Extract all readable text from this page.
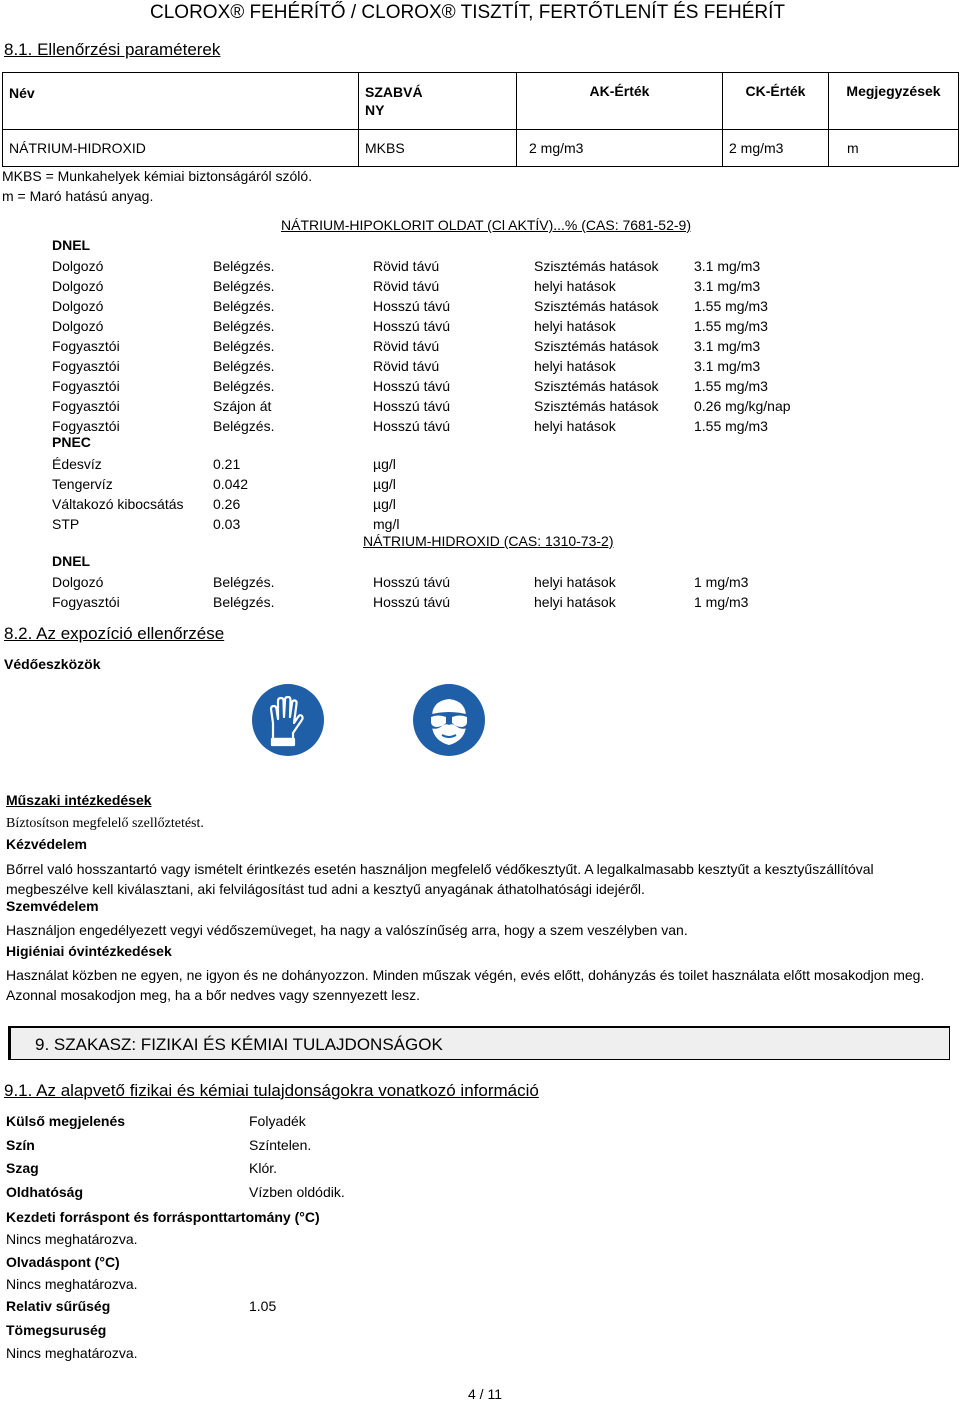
CLOROX® FEHÉRÍTŐ / CLOROX® TISZTÍT, FERTŐTLENÍT ÉS FEHÉRÍT
8.1. Ellenőrzési paraméterek
Név	SZABVÁ
NY	AK-Érték	CK-Érték	Megjegyzések
NÁTRIUM-HIDROXID	MKBS	2 mg/m3	2 mg/m3	m
MKBS = Munkahelyek kémiai biztonságáról szóló.
m = Maró hatású anyag.
NÁTRIUM-HIPOKLORIT OLDAT (Cl AKTÍV)...% (CAS: 7681-52-9)
DNEL
Dolgozó	Belégzés.	Rövid távú	Szisztémás hatások	3.1 mg/m3
Dolgozó	Belégzés.	Rövid távú	helyi hatások	3.1 mg/m3
Dolgozó	Belégzés.	Hosszú távú	Szisztémás hatások	1.55 mg/m3
Dolgozó	Belégzés.	Hosszú távú	helyi hatások	1.55 mg/m3
Fogyasztói	Belégzés.	Rövid távú	Szisztémás hatások	3.1 mg/m3
Fogyasztói	Belégzés.	Rövid távú	helyi hatások	3.1 mg/m3
Fogyasztói	Belégzés.	Hosszú távú	Szisztémás hatások	1.55 mg/m3
Fogyasztói	Szájon át	Hosszú távú	Szisztémás hatások	0.26 mg/kg/nap
Fogyasztói	Belégzés.	Hosszú távú	helyi hatások	1.55 mg/m3
PNEC
Édesvíz	0.21	µg/l
Tengervíz	0.042	µg/l
Váltakozó kibocsátás 0.26	µg/l
STP	0.03	mg/l
NÁTRIUM-HIDROXID (CAS: 1310-73-2)
DNEL
Dolgozó	Belégzés.	Hosszú távú	helyi hatások	1 mg/m3
Fogyasztói	Belégzés.	Hosszú távú	helyi hatások	1 mg/m3
8.2. Az expozíció ellenőrzése
Védőeszközök
Műszaki intézkedések
Bíztosítson megfelelő szellőztetést.
Kézvédelem
Bőrrel való hosszantartó vagy ismételt érintkezés esetén használjon megfelelő védőkesztyűt. A legalkalmasabb kesztyűt a kesztyűszállítóval megbeszélve kell kiválasztani, aki felvilágosítást tud adni a kesztyű anyagának áthatolhatósági idejéről.
Szemvédelem
Használjon engedélyezett vegyi védőszemüveget, ha nagy a valószínűség arra, hogy a szem veszélyben van.
Higiéniai óvintézkedések
Használat közben ne egyen, ne igyon és ne dohányozzon. Minden műszak végén, evés előtt, dohányzás és toilet használata előtt mosakodjon meg. Azonnal mosakodjon meg, ha a bőr nedves vagy szennyezett lesz.
9. SZAKASZ: FIZIKAI ÉS KÉMIAI TULAJDONSÁGOK
9.1. Az alapvető fizikai és kémiai tulajdonságokra vonatkozó információ
Külső megjelenés	Folyadék
Szín	Színtelen.
Szag	Klór.
Oldhatóság	Vízben oldódik.
Kezdeti forráspont és forrásponttartomány (°C)
Nincs meghatározva.
Olvadáspont (°C)
Nincs meghatározva.
Relativ sűrűség	1.05
Tömegsuruség
Nincs meghatározva.
4 / 11
